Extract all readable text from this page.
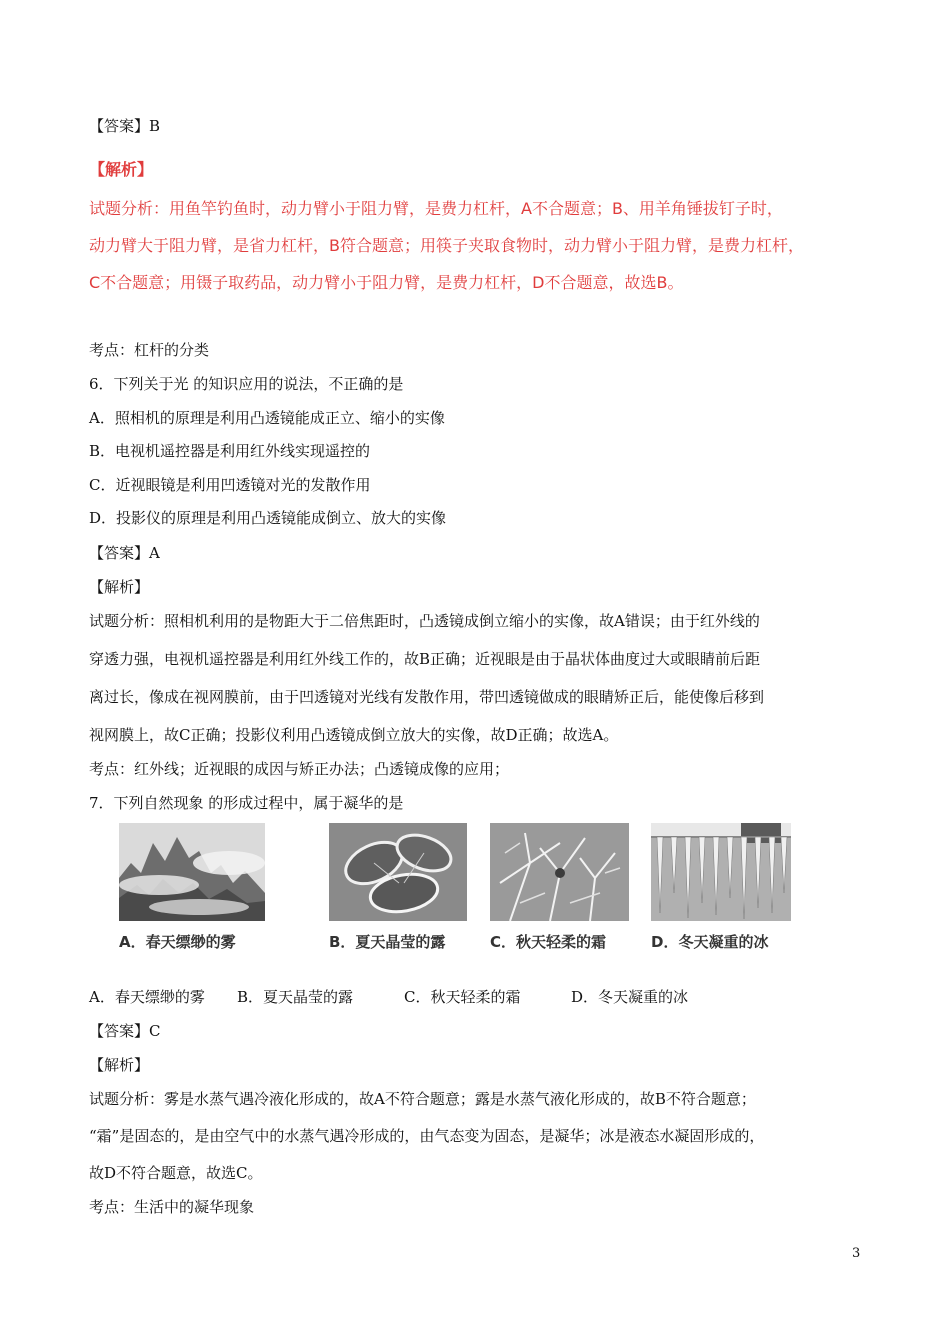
【答案】B
【解析】
试题分析：用鱼竿钓鱼时，动力臂小于阻力臂，是费力杠杆，A不合题意；B、用羊角锤拔钉子时，
动力臂大于阻力臂，是省力杠杆，B符合题意；用筷子夹取食物时，动力臂小于阻力臂，是费力杠杆，
C不合题意；用镊子取药品，动力臂小于阻力臂，是费力杠杆，D不合题意，故选B。
考点：杠杆的分类
6．下列关于光 的知识应用的说法，不正确的是
A．照相机的原理是利用凸透镜能成正立、缩小的实像
B．电视机遥控器是利用红外线实现遥控的
C．近视眼镜是利用凹透镜对光的发散作用
D．投影仪的原理是利用凸透镜能成倒立、放大的实像
【答案】A
【解析】
试题分析：照相机利用的是物距大于二倍焦距时，凸透镜成倒立缩小的实像，故A错误；由于红外线的
穿透力强，电视机遥控器是利用红外线工作的，故B正确；近视眼是由于晶状体曲度过大或眼睛前后距
离过长，像成在视网膜前，由于凹透镜对光线有发散作用，带凹透镜做成的眼睛矫正后，能使像后移到
视网膜上，故C正确；投影仪利用凸透镜成倒立放大的实像，故D正确；故选A。
考点：红外线；近视眼的成因与矫正办法；凸透镜成像的应用；
7．下列自然现象 的形成过程中，属于凝华的是
A．春天缥缈的雾	B．夏天晶莹的露	C．秋天轻柔的霜	D．冬天凝重的冰
A．春天缥缈的雾 B．夏天晶莹的露	C．秋天轻柔的霜	D．冬天凝重的冰
【答案】C
【解析】
试题分析：雾是水蒸气遇冷液化形成的，故A不符合题意；露是水蒸气液化形成的，故B不符合题意；
“霜”是固态的，是由空气中的水蒸气遇冷形成的，由气态变为固态，是凝华；冰是液态水凝固形成的，
故D不符合题意，故选C。
考点：生活中的凝华现象
3
